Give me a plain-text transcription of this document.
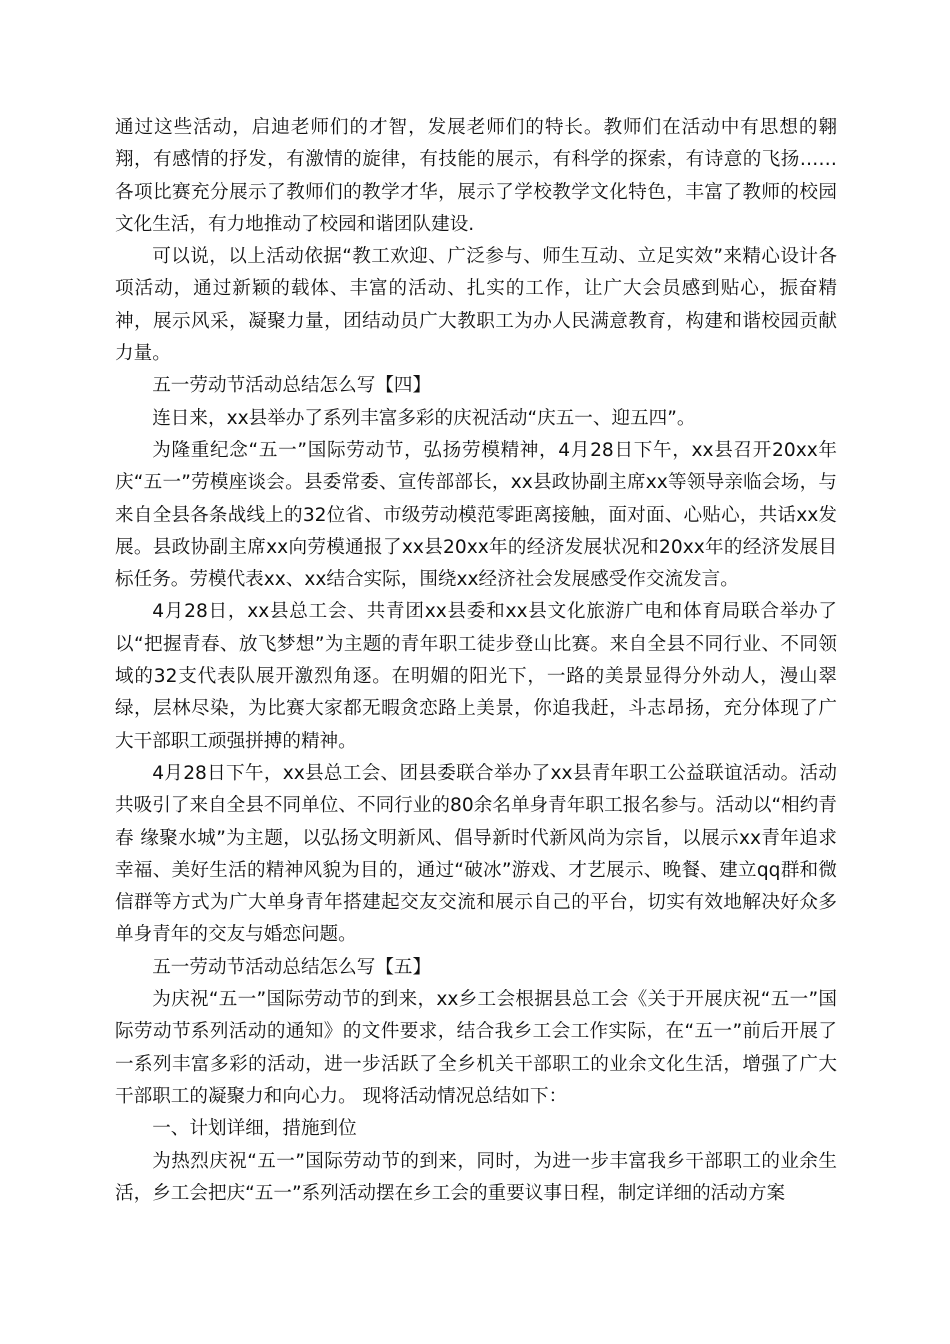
通过这些活动，启迪老师们的才智，发展老师们的特长。教师们在活动中有思想的翱翔，有感情的抒发，有激情的旋律，有技能的展示，有科学的探索，有诗意的飞扬……各项比赛充分展示了教师们的教学才华，展示了学校教学文化特色，丰富了教师的校园文化生活，有力地推动了校园和谐团队建设.

可以说，以上活动依据“教工欢迎、广泛参与、师生互动、立足实效”来精心设计各项活动，通过新颖的载体、丰富的活动、扎实的工作，让广大会员感到贴心，振奋精神，展示风采，凝聚力量，团结动员广大教职工为办人民满意教育，构建和谐校园贡献力量。

五一劳动节活动总结怎么写【四】

连日来，xx县举办了系列丰富多彩的庆祝活动“庆五一、迎五四”。

为隆重纪念“五一”国际劳动节，弘扬劳模精神，4月28日下午，xx县召开20xx年庆“五一”劳模座谈会。县委常委、宣传部部长，xx县政协副主席xx等领导亲临会场，与来自全县各条战线上的32位省、市级劳动模范零距离接触，面对面、心贴心，共话xx发展。县政协副主席xx向劳模通报了xx县20xx年的经济发展状况和20xx年的经济发展目标任务。劳模代表xx、xx结合实际，围绕xx经济社会发展感受作交流发言。

4月28日，xx县总工会、共青团xx县委和xx县文化旅游广电和体育局联合举办了以“把握青春、放飞梦想”为主题的青年职工徒步登山比赛。来自全县不同行业、不同领域的32支代表队展开激烈角逐。在明媚的阳光下，一路的美景显得分外动人，漫山翠绿，层林尽染，为比赛大家都无暇贪恋路上美景，你追我赶，斗志昂扬，充分体现了广大干部职工顽强拼搏的精神。

4月28日下午，xx县总工会、团县委联合举办了xx县青年职工公益联谊活动。活动共吸引了来自全县不同单位、不同行业的80余名单身青年职工报名参与。活动以“相约青春 缘聚水城”为主题，以弘扬文明新风、倡导新时代新风尚为宗旨，以展示xx青年追求幸福、美好生活的精神风貌为目的，通过“破冰”游戏、才艺展示、晚餐、建立qq群和微信群等方式为广大单身青年搭建起交友交流和展示自己的平台，切实有效地解决好众多单身青年的交友与婚恋问题。

五一劳动节活动总结怎么写【五】

为庆祝“五一”国际劳动节的到来，xx乡工会根据县总工会《关于开展庆祝“五一”国际劳动节系列活动的通知》的文件要求，结合我乡工会工作实际，在“五一”前后开展了一系列丰富多彩的活动，进一步活跃了全乡机关干部职工的业余文化生活，增强了广大干部职工的凝聚力和向心力。 现将活动情况总结如下：

一、计划详细，措施到位

为热烈庆祝“五一”国际劳动节的到来，同时，为进一步丰富我乡干部职工的业余生活，乡工会把庆“五一”系列活动摆在乡工会的重要议事日程，制定详细的活动方案
